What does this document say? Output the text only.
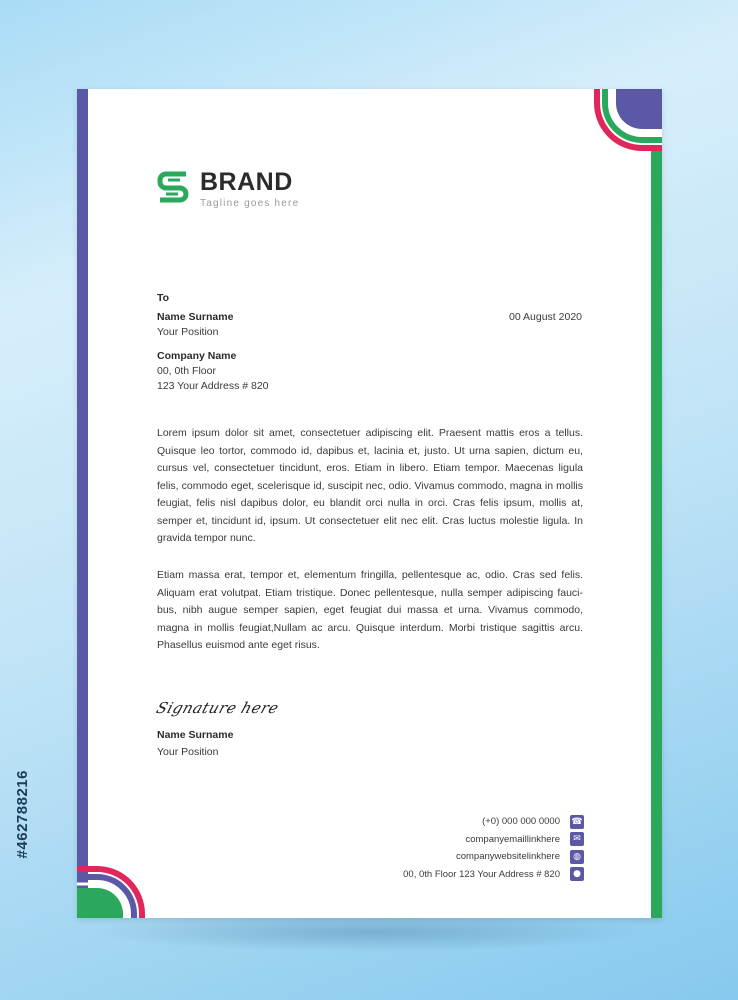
BRAND
Tagline goes here
To
Name Surname
Your Position
00 August 2020
Company Name
00, 0th Floor
123 Your Address # 820
Lorem ipsum dolor sit amet, consectetuer adipiscing elit. Praesent mattis eros a tellus. Quisque leo tortor, commodo id, dapibus et, lacinia et, justo. Ut urna sapien, dictum eu, cursus vel, consectetuer tincidunt, eros. Etiam in libero. Etiam tempor. Maecenas ligula felis, commodo eget, scelerisque id, suscipit nec, odio. Vivamus commodo, magna in mollis feugiat, felis nisl dapibus dolor, eu blandit orci nulla in orci. Cras felis ipsum, mollis at, semper et, tincidunt id, ipsum. Ut consectetuer elit nec elit. Cras luctus molestie ligula. In gravida tempor nunc.
Etiam massa erat, tempor et, elementum fringilla, pellentesque ac, odio. Cras sed felis. Aliquam erat volutpat. Etiam tristique. Donec pellentesque, nulla semper adipiscing fauci-bus, nibh augue semper sapien, eget feugiat dui massa et urna. Vivamus commodo, magna in mollis feugiat,Nullam ac arcu. Quisque interdum. Morbi tristique sagittis arcu. Phasellus euismod ante eget risus.
Signature here
Name Surname
Your Position
(+0) 000 000 0000 ☎
companyemaillinkhere	✉
companywebsitelinkhere	◍
00, 0th Floor 123 Your Address # 820	●
#462788216
